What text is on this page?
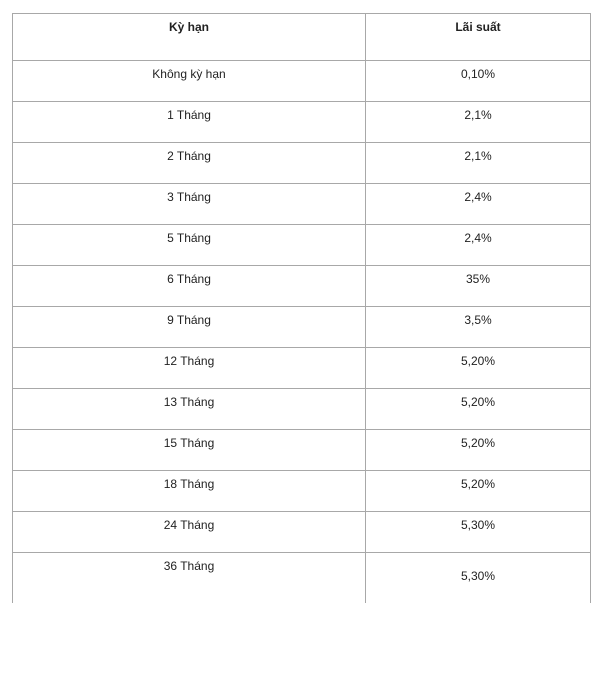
Kỳ hạn	Lãi suất
Không kỳ hạn	0,10%
1 Tháng	2,1%
2 Tháng	2,1%
3 Tháng	2,4%
5 Tháng	2,4%
6 Tháng	35%
9 Tháng	3,5%
12 Tháng	5,20%
13 Tháng	5,20%
15 Tháng	5,20%
18 Tháng	5,20%
24 Tháng	5,30%
36 Tháng	5,30%
